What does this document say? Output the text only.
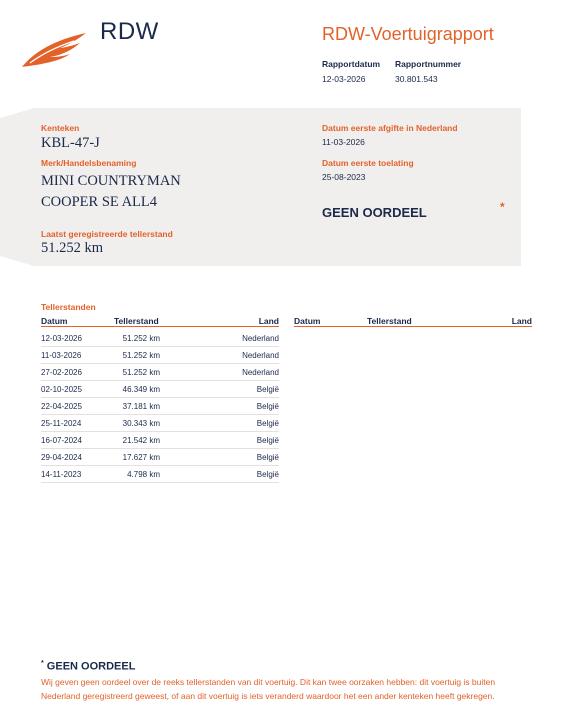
RDW	RDW-Voertuigrapport
Rapportdatum
12-03-2026
Rapportnummer
30.801.543
Kenteken
KBL-47-J
Merk/Handelsbenaming
MINI COUNTRYMAN
COOPER SE ALL4
Laatst geregistreerde tellerstand
51.252 km
Datum eerste afgifte in Nederland
11-03-2026
Datum eerste toelating
25-08-2023
GEEN OORDEEL	*
Tellerstanden
Datum	Tellerstand	Land Datum	Tellerstand	Land
12-03-2026	51.252 km	Nederland
11-03-2026	51.252 km	Nederland
27-02-2026	51.252 km	Nederland
02-10-2025	46.349 km	België
22-04-2025	37.181 km	België
25-11-2024	30.343 km	België
16-07-2024	21.542 km	België
29-04-2024	17.627 km	België
14-11-2023	4.798 km	België
* GEEN OORDEEL
Wij geven geen oordeel over de reeks tellerstanden van dit voertuig. Dit kan twee oorzaken hebben: dit voertuig is buiten Nederland geregistreerd geweest, of aan dit voertuig is iets veranderd waardoor het een ander kenteken heeft gekregen.
